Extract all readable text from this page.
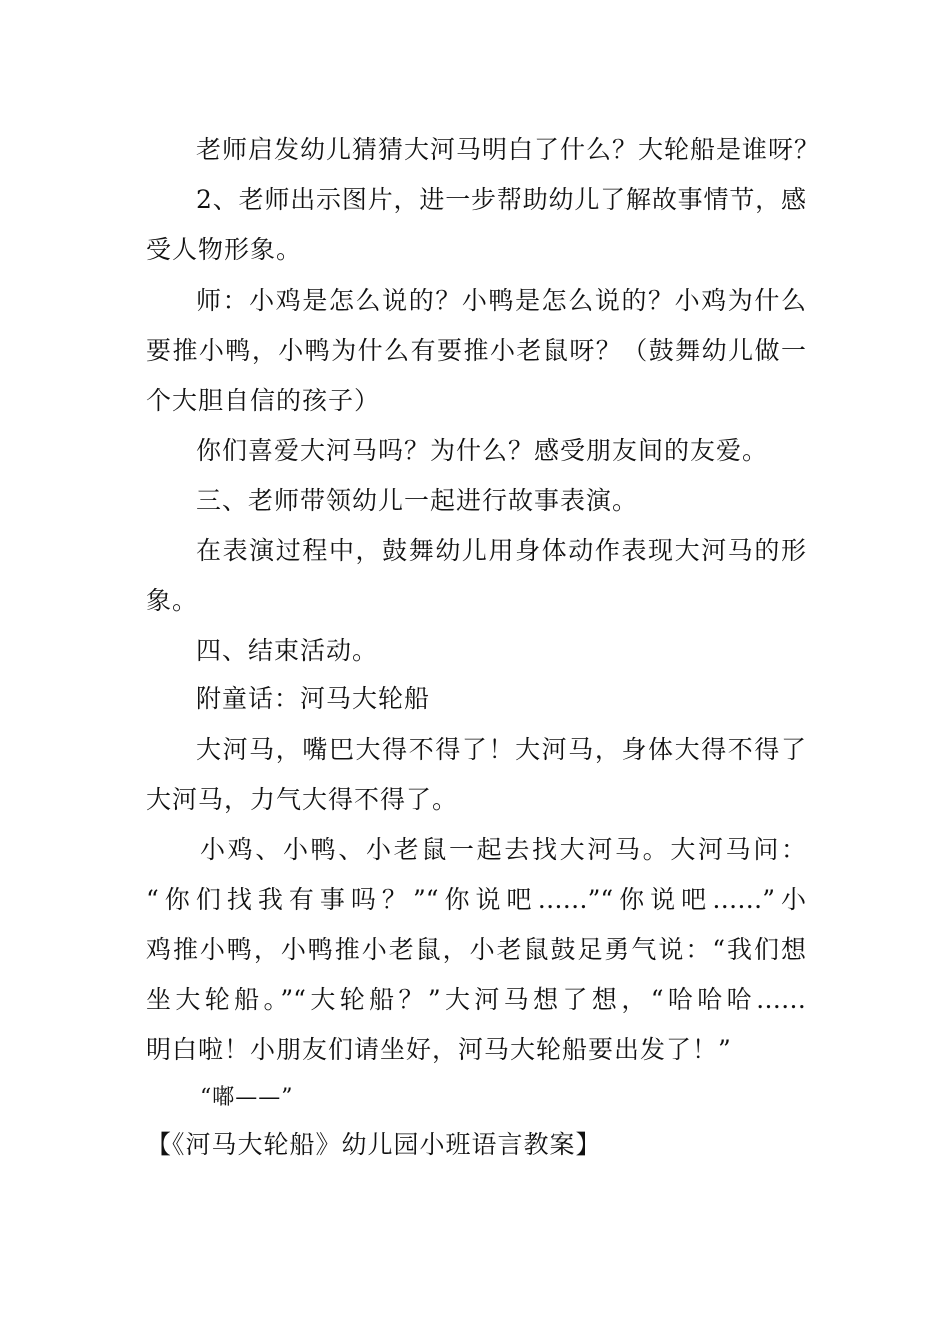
老师启发幼儿猜猜大河马明白了什么？大轮船是谁呀？
2、老师出示图片，进一步帮助幼儿了解故事情节，感
受人物形象。
师：小鸡是怎么说的？小鸭是怎么说的？小鸡为什么
要推小鸭，小鸭为什么有要推小老鼠呀？（鼓舞幼儿做一
个大胆自信的孩子）
你们喜爱大河马吗？为什么？感受朋友间的友爱。
三、老师带领幼儿一起进行故事表演。
在表演过程中，鼓舞幼儿用身体动作表现大河马的形
象。
四、结束活动。
附童话：河马大轮船
大河马，嘴巴大得不得了！大河马，身体大得不得了
大河马，力气大得不得了。
小鸡、小鸭、小老鼠一起去找大河马。大河马问：
“你们找我有事吗？”“你说吧……”“你说吧……”小
鸡推小鸭，小鸭推小老鼠，小老鼠鼓足勇气说：“我们想
坐大轮船。”“大轮船？”大河马想了想，“哈哈哈……
明白啦！小朋友们请坐好，河马大轮船要出发了！”
“嘟——”
【《河马大轮船》幼儿园小班语言教案】
